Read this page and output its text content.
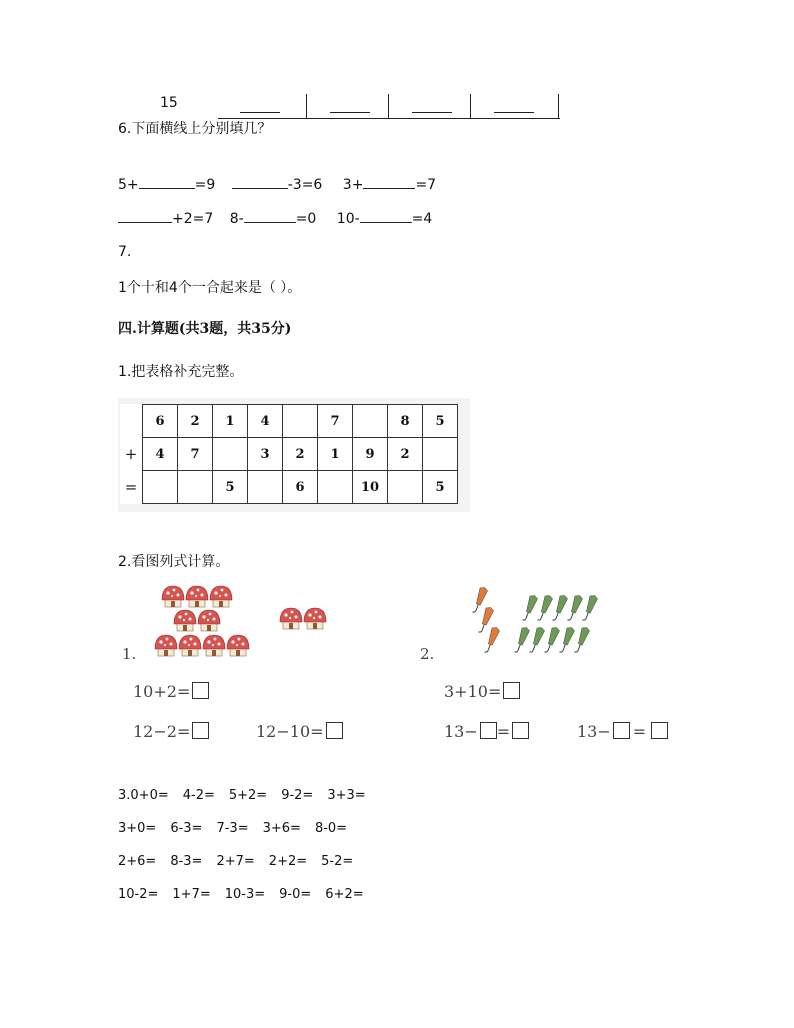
15
6.下面横线上分别填几？
5+	=9	-3=6 3+	=7
+2=7 8-	=0 10-	=4
7.
1个十和4个一合起来是（ ）。
四.计算题(共3题，共35分)
1.把表格补充完整。
	6	2	1	4		7		8	5
+	4	7		3	2	1	9	2	
=			5		6		10		5
2.看图列式计算。
1.	2.
10+2=
12−2=	12−10=
3+10=
13− =	13− =
3.0+0= 4-2= 5+2= 9-2= 3+3=
3+0= 6-3= 7-3= 3+6= 8-0=
2+6= 8-3= 2+7= 2+2= 5-2=
10-2= 1+7= 10-3= 9-0= 6+2=
